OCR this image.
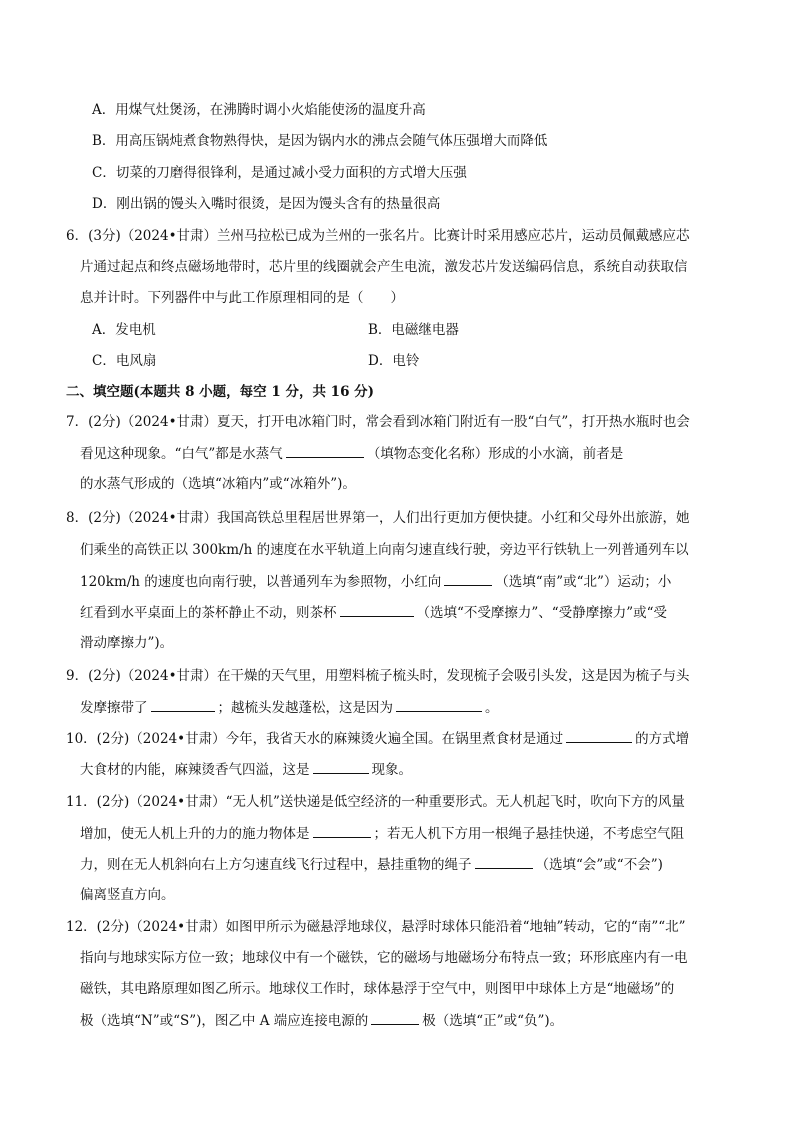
A．用煤气灶煲汤，在沸腾时调小火焰能使汤的温度升高
B．用高压锅炖煮食物熟得快，是因为锅内水的沸点会随气体压强增大而降低
C．切菜的刀磨得很锋利，是通过减小受力面积的方式增大压强
D．刚出锅的馒头入嘴时很烫，是因为馒头含有的热量很高
6．(3分)（2024•甘肃）兰州马拉松已成为兰州的一张名片。比赛计时采用感应芯片，运动员佩戴感应芯
片通过起点和终点磁场地带时，芯片里的线圈就会产生电流，激发芯片发送编码信息，系统自动获取信
息并计时。下列器件中与此工作原理相同的是（　　）
A．发电机	B．电磁继电器
C．电风扇	D．电铃
二、填空题(本题共 8 小题，每空 1 分，共 16 分)
7．(2分)（2024•甘肃）夏天，打开电冰箱门时，常会看到冰箱门附近有一股“白气”，打开热水瓶时也会
看见这种现象。“白气”都是水蒸气	（填物态变化名称）形成的小水滴，前者是
的水蒸气形成的（选填“冰箱内”或“冰箱外”)。
8．(2分)（2024•甘肃）我国高铁总里程居世界第一，人们出行更加方便快捷。小红和父母外出旅游，她
们乘坐的高铁正以 300km/h 的速度在水平轨道上向南匀速直线行驶，旁边平行铁轨上一列普通列车以
120km/h 的速度也向南行驶，以普通列车为参照物，小红向	（选填“南”或“北”）运动；小
红看到水平桌面上的茶杯静止不动，则茶杯	（选填“不受摩擦力”、“受静摩擦力”或“受
滑动摩擦力”)。
9．(2分)（2024•甘肃）在干燥的天气里，用塑料梳子梳头时，发现梳子会吸引头发，这是因为梳子与头
发摩擦带了	；越梳头发越蓬松，这是因为	。
10．(2分)（2024•甘肃）今年，我省天水的麻辣烫火遍全国。在锅里煮食材是通过	的方式增
大食材的内能，麻辣烫香气四溢，这是	现象。
11．(2分)（2024•甘肃）“无人机”送快递是低空经济的一种重要形式。无人机起飞时，吹向下方的风量
增加，使无人机上升的力的施力物体是	；若无人机下方用一根绳子悬挂快递，不考虑空气阻
力，则在无人机斜向右上方匀速直线飞行过程中，悬挂重物的绳子	（选填“会”或“不会”)
偏离竖直方向。
12．(2分)（2024•甘肃）如图甲所示为磁悬浮地球仪，悬浮时球体只能沿着“地轴”转动，它的“南”“北”
指向与地球实际方位一致；地球仪中有一个磁铁，它的磁场与地磁场分布特点一致；环形底座内有一电
磁铁，其电路原理如图乙所示。地球仪工作时，球体悬浮于空气中，则图甲中球体上方是“地磁场”的
极（选填“N”或“S”)，图乙中 A 端应连接电源的	极（选填“正”或“负”)。
